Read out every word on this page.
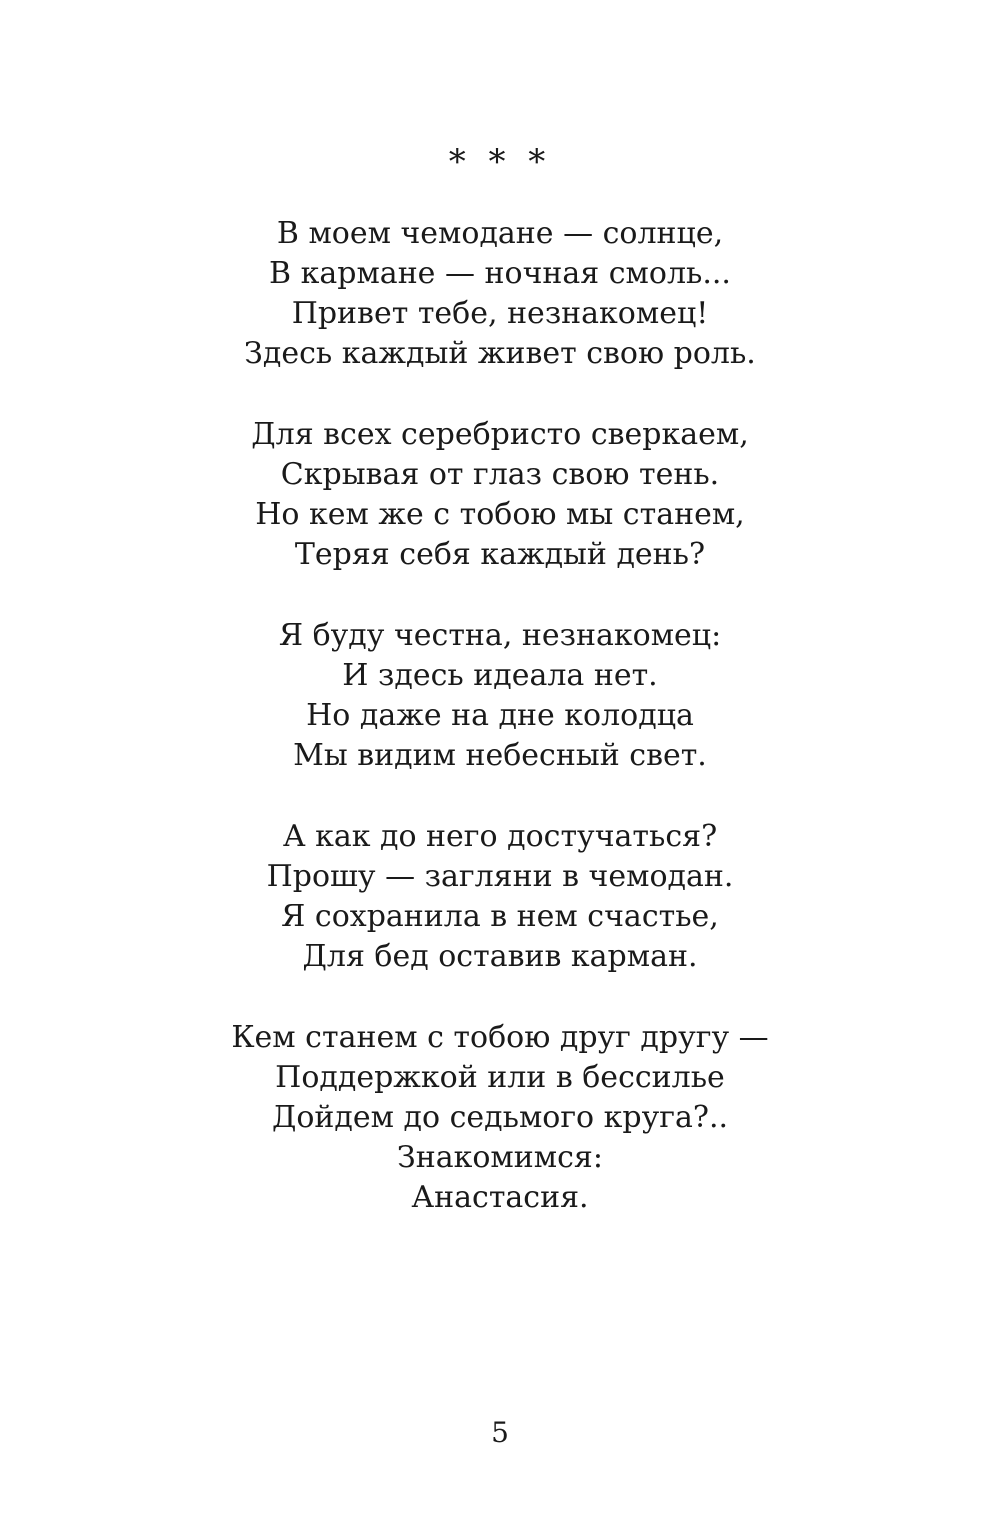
* * *
В моем чемодане — солнце,
В кармане — ночная смоль...
Привет тебе, незнакомец!
Здесь каждый живет свою роль.
Для всех серебристо сверкаем,
Скрывая от глаз свою тень.
Но кем же с тобою мы станем,
Теряя себя каждый день?
Я буду честна, незнакомец:
И здесь идеала нет.
Но даже на дне колодца
Мы видим небесный свет.
А как до него достучаться?
Прошу — загляни в чемодан.
Я сохранила в нем счастье,
Для бед оставив карман.
Кем станем с тобою друг другу —
Поддержкой или в бессилье
Дойдем до седьмого круга?..
Знакомимся:
Анастасия.
5
